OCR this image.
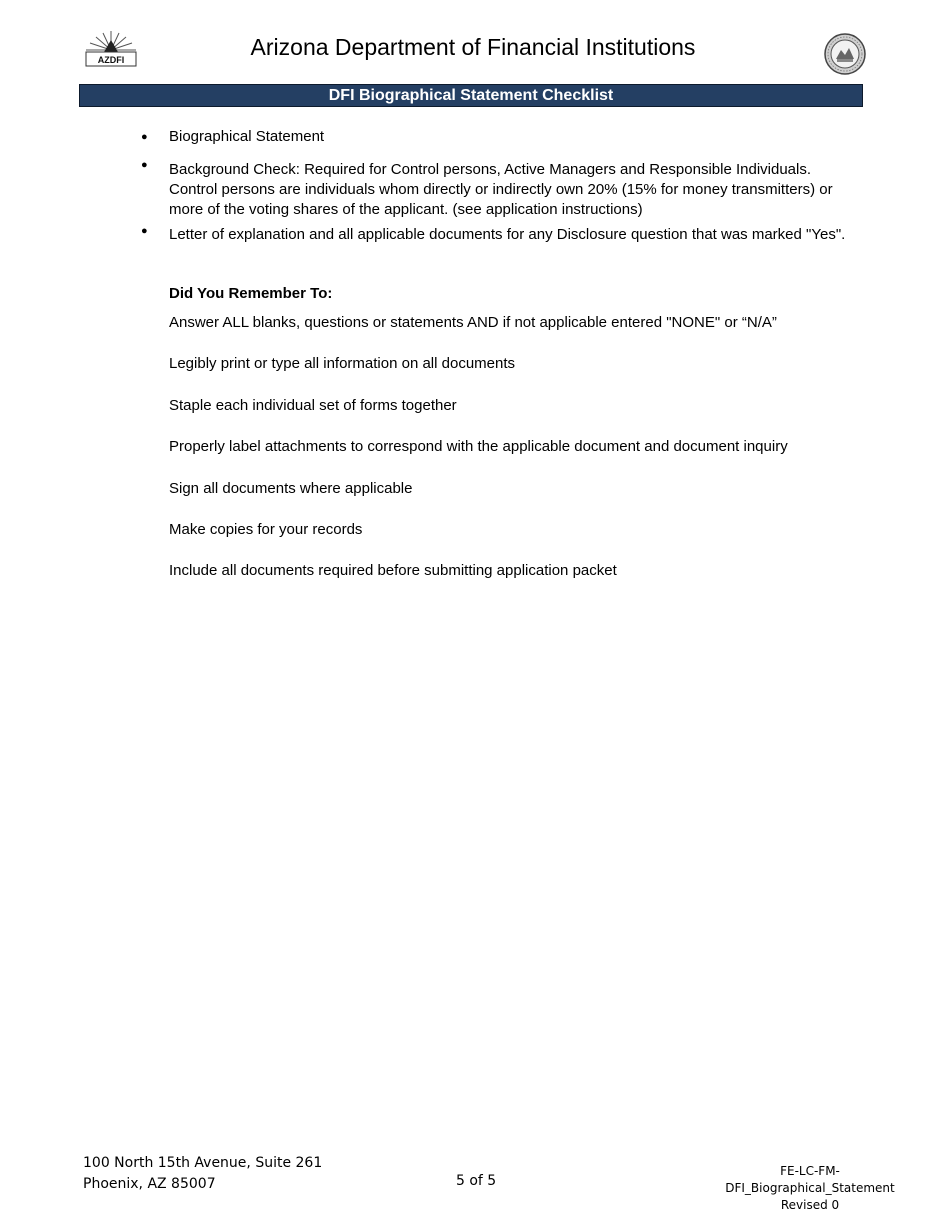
AZDFI	Arizona Department of Financial Institutions
DFI Biographical Statement Checklist
● Biographical Statement
● Background Check: Required for Control persons, Active Managers and Responsible Individuals. Control persons are individuals whom directly or indirectly own 20% (15% for money transmitters) or more of the voting shares of the applicant. (see application instructions)
● Letter of explanation and all applicable documents for any Disclosure question that was marked "Yes".
Did You Remember To:
Answer ALL blanks, questions or statements AND if not applicable entered "NONE" or “N/A”
Legibly print or type all information on all documents
Staple each individual set of forms together
Properly label attachments to correspond with the applicable document and document inquiry
Sign all documents where applicable
Make copies for your records
Include all documents required before submitting application packet
100 North 15th Avenue, Suite 261
Phoenix, AZ 85007	5 of 5
FE-LC-FM-DFI_Biographical_Statement
Revised 0
